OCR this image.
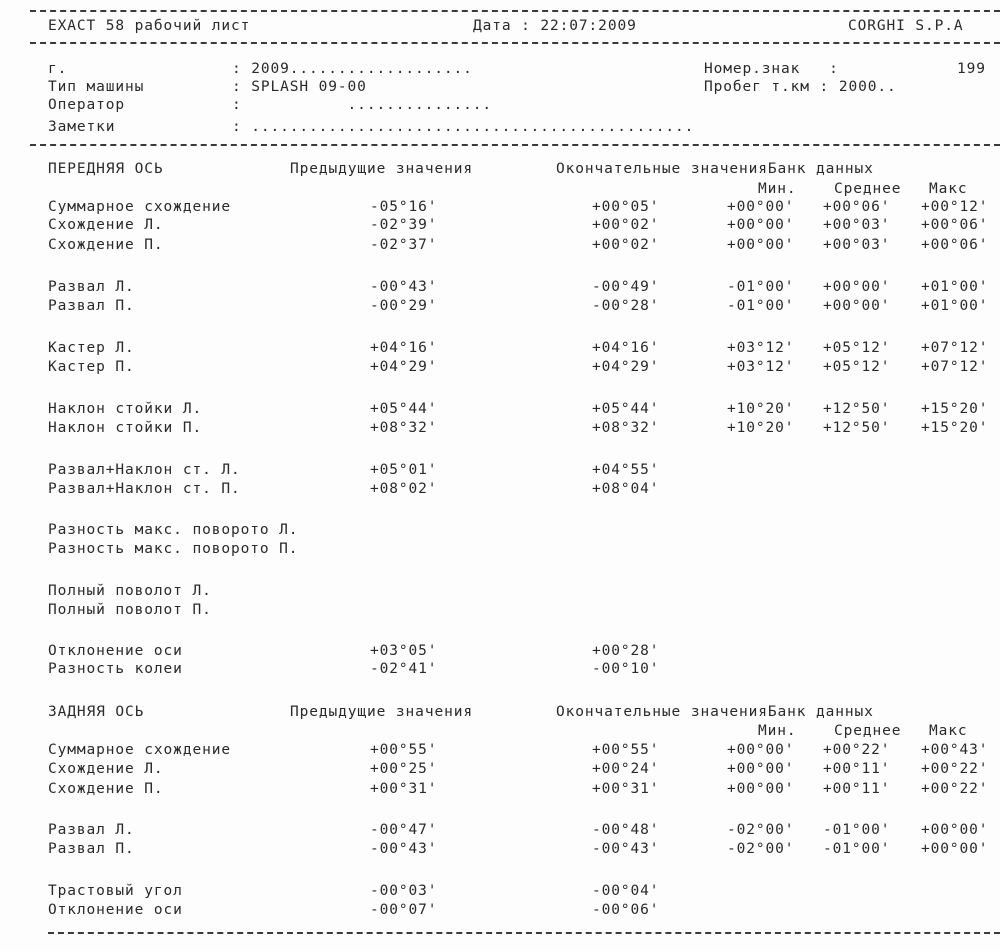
EXACT 58 рабочий лист	Дата : 22:07:2009	CORGHI S.P.A
г.	: 2009...................
Тип машины	: SPLASH 09-00
Оператор	:           ...............
Заметки	: ..............................................
Номер.знак   :	199
Пробег т.км : 2000..
ПЕРЕДНЯЯ ОСЬ	Предыдущие значения	Окончательные значенияБанк данных
Мин.	Среднее Макс
Суммарное схождение	-05°16'	+00°05'	+00°00' +00°06' +00°12'
Схождение Л.	-02°39'	+00°02'	+00°00' +00°03' +00°06'
Схождение П.	-02°37'	+00°02'	+00°00' +00°03' +00°06'
Развал Л.	-00°43'	-00°49'	-01°00' +00°00' +01°00'
Развал П.	-00°29'	-00°28'	-01°00' +00°00' +01°00'
Кастер Л.	+04°16'	+04°16'	+03°12' +05°12' +07°12'
Кастер П.	+04°29'	+04°29'	+03°12' +05°12' +07°12'
Наклон стойки Л.	+05°44'	+05°44'	+10°20' +12°50' +15°20'
Наклон стойки П.	+08°32'	+08°32'	+10°20' +12°50' +15°20'
Развал+Наклон ст. Л.	+05°01'	+04°55'
Развал+Наклон ст. П.	+08°02'	+08°04'
Разность макс. поворото Л.
Разность макс. поворото П.
Полный поволот Л.
Полный поволот П.
Отклонение оси	+03°05'	+00°28'
Разность колеи	-02°41'	-00°10'
ЗАДНЯЯ ОСЬ	Предыдущие значения	Окончательные значенияБанк данных
Мин.	Среднее Макс
Суммарное схождение	+00°55'	+00°55'	+00°00' +00°22' +00°43'
Схождение Л.	+00°25'	+00°24'	+00°00' +00°11' +00°22'
Схождение П.	+00°31'	+00°31'	+00°00' +00°11' +00°22'
Развал Л.	-00°47'	-00°48'	-02°00' -01°00' +00°00'
Развал П.	-00°43'	-00°43'	-02°00' -01°00' +00°00'
Трастовый угол	-00°03'	-00°04'
Отклонение оси	-00°07'	-00°06'
